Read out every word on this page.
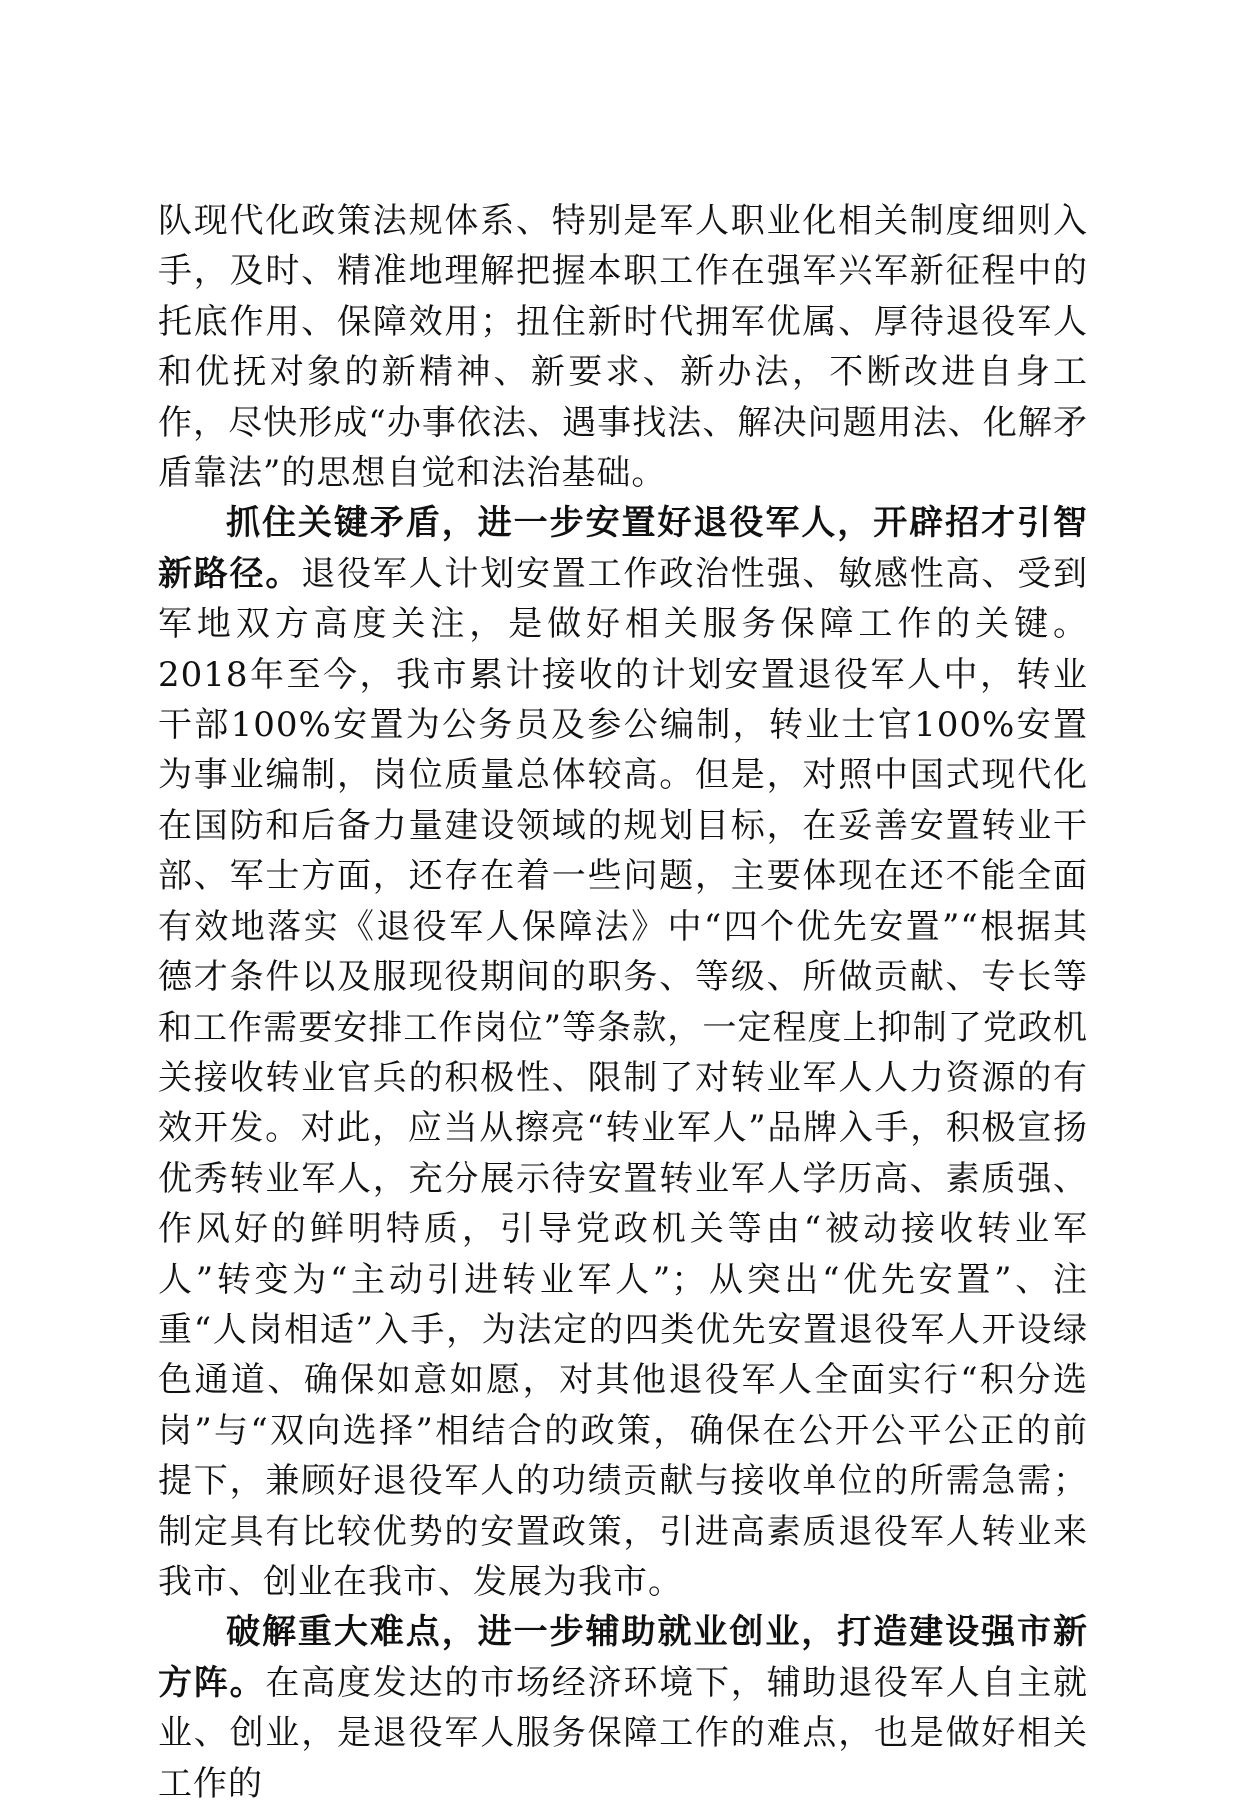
队现代化政策法规体系、特别是军人职业化相关制度细则入手，及时、精准地理解把握本职工作在强军兴军新征程中的托底作用、保障效用；扭住新时代拥军优属、厚待退役军人和优抚对象的新精神、新要求、新办法，不断改进自身工作，尽快形成“办事依法、遇事找法、解决问题用法、化解矛盾靠法”的思想自觉和法治基础。

抓住关键矛盾，进一步安置好退役军人，开辟招才引智新路径。退役军人计划安置工作政治性强、敏感性高、受到军地双方高度关注，是做好相关服务保障工作的关键。2018年至今，我市累计接收的计划安置退役军人中，转业干部100%安置为公务员及参公编制，转业士官100%安置为事业编制，岗位质量总体较高。但是，对照中国式现代化在国防和后备力量建设领域的规划目标，在妥善安置转业干部、军士方面，还存在着一些问题，主要体现在还不能全面有效地落实《退役军人保障法》中“四个优先安置”“根据其德才条件以及服现役期间的职务、等级、所做贡献、专长等和工作需要安排工作岗位”等条款，一定程度上抑制了党政机关接收转业官兵的积极性、限制了对转业军人人力资源的有效开发。对此，应当从擦亮“转业军人”品牌入手，积极宣扬优秀转业军人，充分展示待安置转业军人学历高、素质强、作风好的鲜明特质，引导党政机关等由“被动接收转业军人”转变为“主动引进转业军人”；从突出“优先安置”、注重“人岗相适”入手，为法定的四类优先安置退役军人开设绿色通道、确保如意如愿，对其他退役军人全面实行“积分选岗”与“双向选择”相结合的政策，确保在公开公平公正的前提下，兼顾好退役军人的功绩贡献与接收单位的所需急需；制定具有比较优势的安置政策，引进高素质退役军人转业来我市、创业在我市、发展为我市。

破解重大难点，进一步辅助就业创业，打造建设强市新方阵。在高度发达的市场经济环境下，辅助退役军人自主就业、创业，是退役军人服务保障工作的难点，也是做好相关工作的
